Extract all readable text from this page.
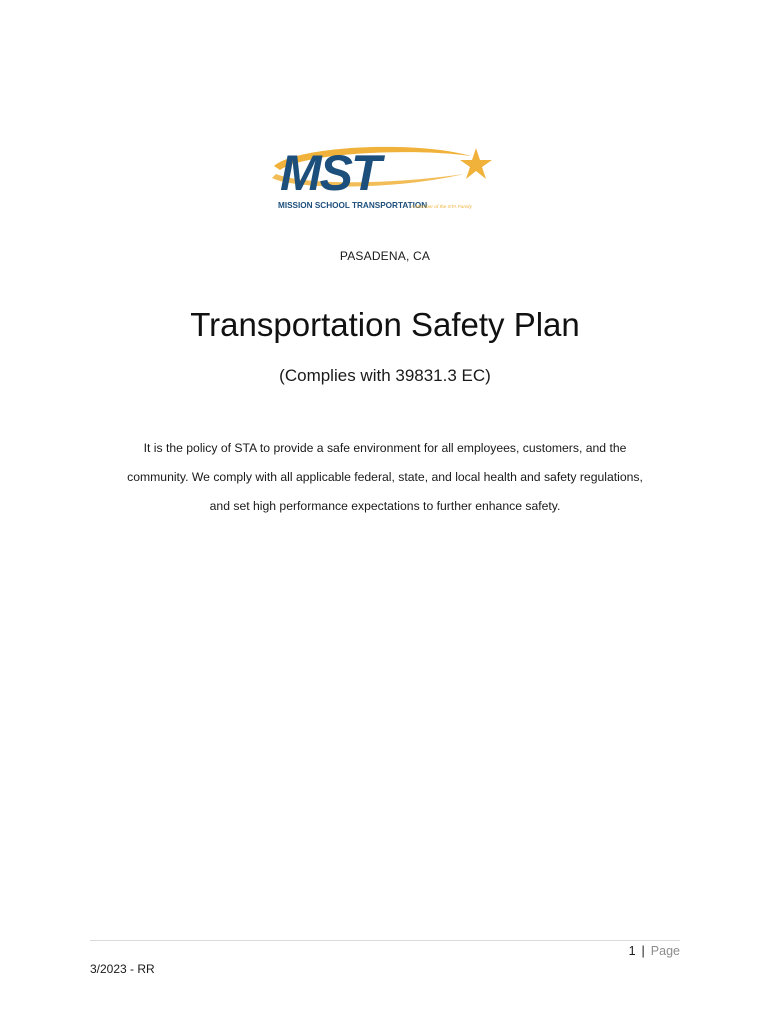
MST
MISSION SCHOOL TRANSPORTATION
A Member of the STA Family
PASADENA, CA
Transportation Safety Plan
(Complies with 39831.3 EC)

It is the policy of STA to provide a safe environment for all employees, customers, and the community. We comply with all applicable federal, state, and local health and safety regulations, and set high performance expectations to further enhance safety.

1 | Page
3/2023 - RR
